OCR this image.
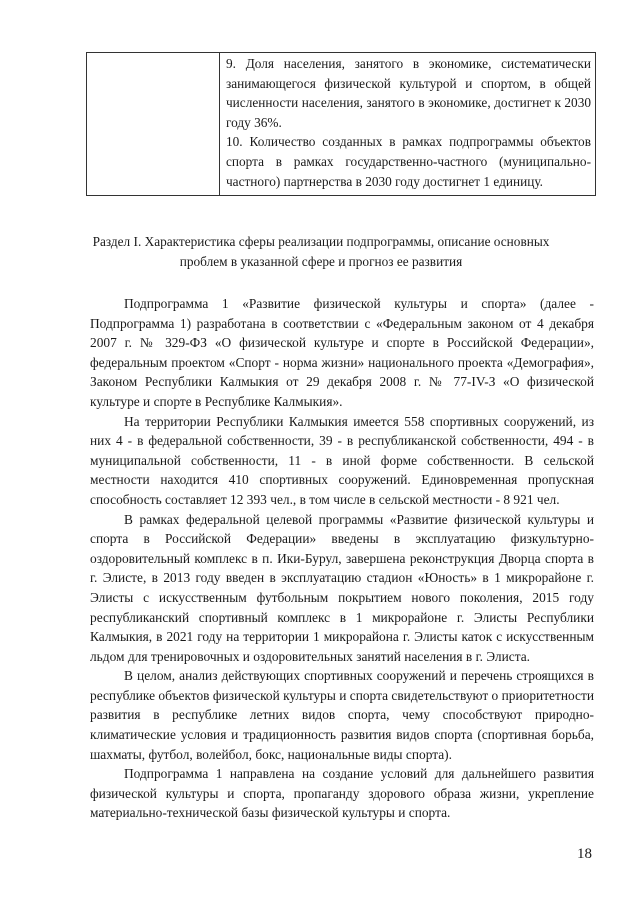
9. Доля населения, занятого в экономике, систематически занимающегося физической культурой и спортом, в общей численности населения, занятого в экономике, достигнет к 2030 году 36%.

10. Количество созданных в рамках подпрограммы объектов спорта в рамках государственно-частного (муниципально-частного) партнерства в 2030 году достигнет 1 единицу.

Раздел I. Характеристика сферы реализации подпрограммы, описание основных проблем в указанной сфере и прогноз ее развития

Подпрограмма 1 «Развитие физической культуры и спорта» (далее - Подпрограмма 1) разработана в соответствии с «Федеральным законом от 4 декабря 2007 г. № 329-ФЗ «О физической культуре и спорте в Российской Федерации», федеральным проектом «Спорт - норма жизни» национального проекта «Демография», Законом Республики Калмыкия от 29 декабря 2008 г. № 77-IV-З «О физической культуре и спорте в Республике Калмыкия».

На территории Республики Калмыкия имеется 558 спортивных сооружений, из них 4 - в федеральной собственности, 39 - в республиканской собственности, 494 - в муниципальной собственности, 11 - в иной форме собственности. В сельской местности находится 410 спортивных сооружений. Единовременная пропускная способность составляет 12 393 чел., в том числе в сельской местности - 8 921 чел.

В рамках федеральной целевой программы «Развитие физической культуры и спорта в Российской Федерации» введены в эксплуатацию физкультурно-оздоровительный комплекс в п. Ики-Бурул, завершена реконструкция Дворца спорта в г. Элисте, в 2013 году введен в эксплуатацию стадион «Юность» в 1 микрорайоне г. Элисты с искусственным футбольным покрытием нового поколения, 2015 году республиканский спортивный комплекс в 1 микрорайоне г. Элисты Республики Калмыкия, в 2021 году на территории 1 микрорайона г. Элисты каток с искусственным льдом для тренировочных и оздоровительных занятий населения в г. Элиста.

В целом, анализ действующих спортивных сооружений и перечень строящихся в республике объектов физической культуры и спорта свидетельствуют о приоритетности развития в республике летних видов спорта, чему способствуют природно-климатические условия и традиционность развития видов спорта (спортивная борьба, шахматы, футбол, волейбол, бокс, национальные виды спорта).

Подпрограмма 1 направлена на создание условий для дальнейшего развития физической культуры и спорта, пропаганду здорового образа жизни, укрепление материально-технической базы физической культуры и спорта.

18
